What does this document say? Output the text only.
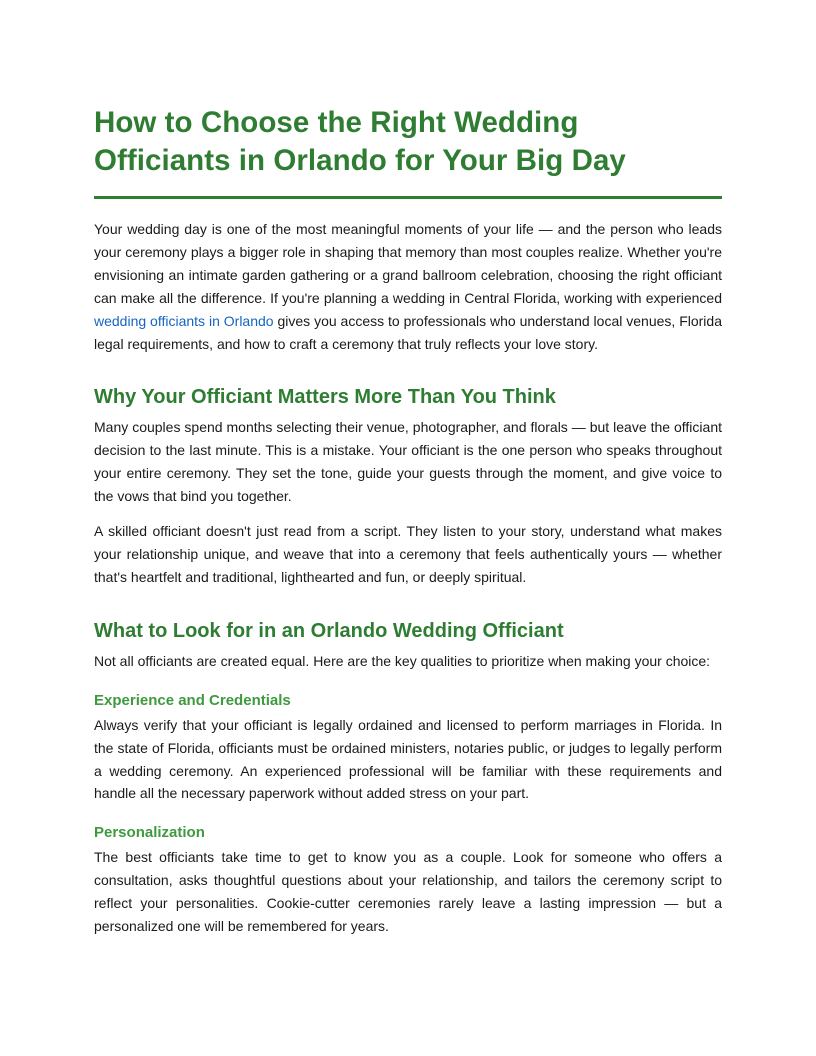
How to Choose the Right Wedding Officiants in Orlando for Your Big Day

Your wedding day is one of the most meaningful moments of your life — and the person who leads your ceremony plays a bigger role in shaping that memory than most couples realize. Whether you're envisioning an intimate garden gathering or a grand ballroom celebration, choosing the right officiant can make all the difference. If you're planning a wedding in Central Florida, working with experienced wedding officiants in Orlando gives you access to professionals who understand local venues, Florida legal requirements, and how to craft a ceremony that truly reflects your love story.

Why Your Officiant Matters More Than You Think

Many couples spend months selecting their venue, photographer, and florals — but leave the officiant decision to the last minute. This is a mistake. Your officiant is the one person who speaks throughout your entire ceremony. They set the tone, guide your guests through the moment, and give voice to the vows that bind you together.

A skilled officiant doesn't just read from a script. They listen to your story, understand what makes your relationship unique, and weave that into a ceremony that feels authentically yours — whether that's heartfelt and traditional, lighthearted and fun, or deeply spiritual.

What to Look for in an Orlando Wedding Officiant

Not all officiants are created equal. Here are the key qualities to prioritize when making your choice:

Experience and Credentials

Always verify that your officiant is legally ordained and licensed to perform marriages in Florida. In the state of Florida, officiants must be ordained ministers, notaries public, or judges to legally perform a wedding ceremony. An experienced professional will be familiar with these requirements and handle all the necessary paperwork without added stress on your part.

Personalization

The best officiants take time to get to know you as a couple. Look for someone who offers a consultation, asks thoughtful questions about your relationship, and tailors the ceremony script to reflect your personalities. Cookie-cutter ceremonies rarely leave a lasting impression — but a personalized one will be remembered for years.
